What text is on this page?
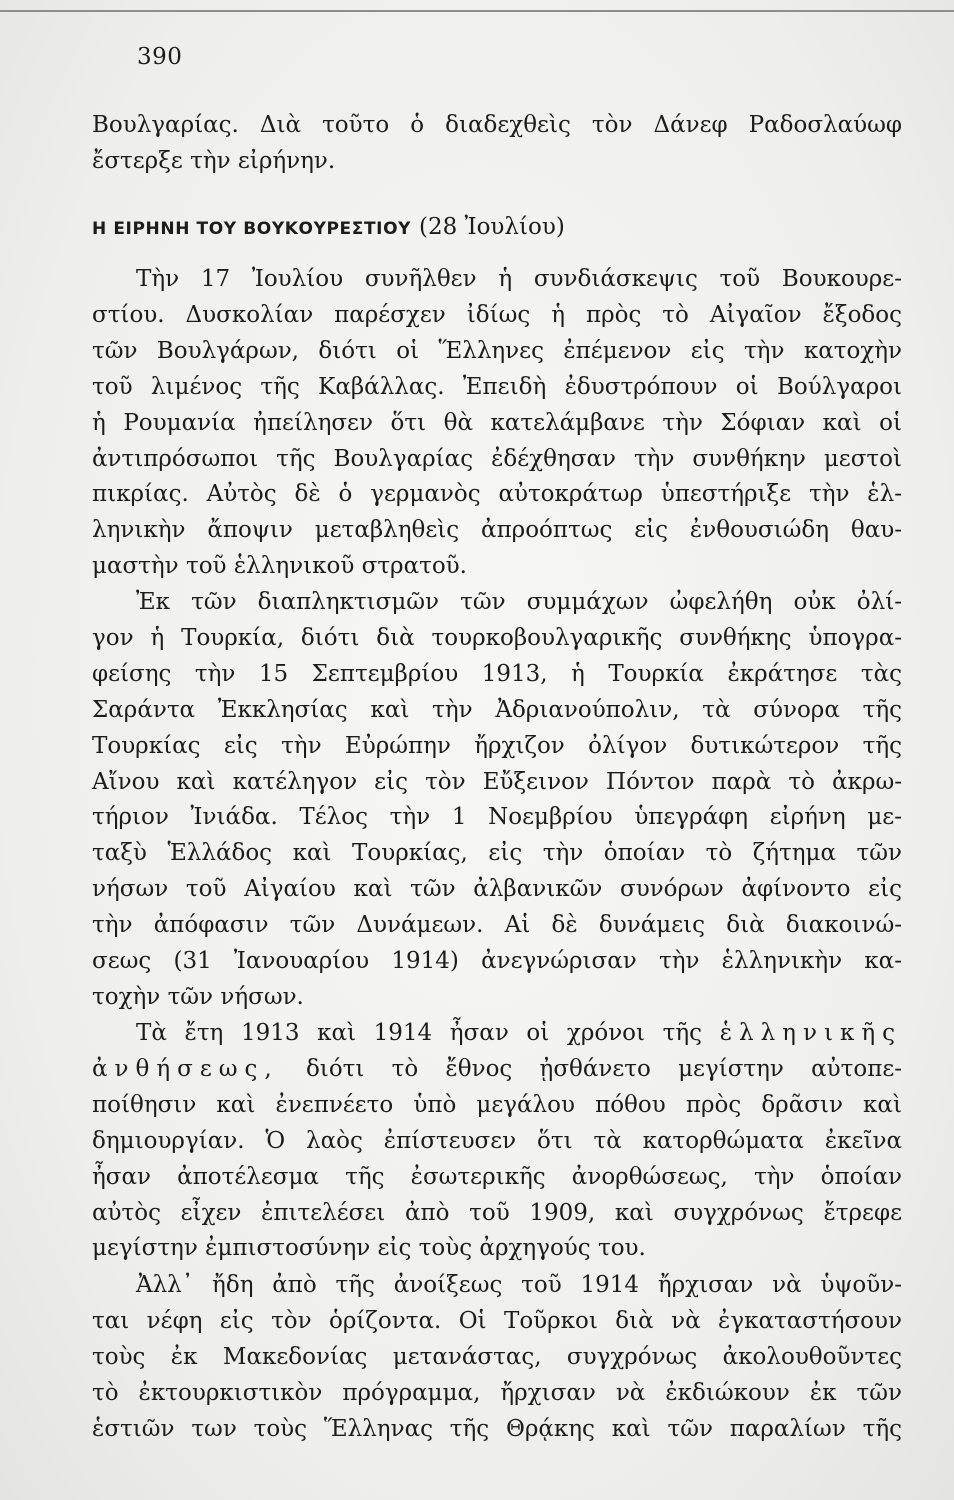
390
Βουλγαρίας. Διὰ τοῦτο ὁ διαδεχθεὶς τὸν Δάνεφ Ραδοσλαύωφ
ἔστερξε τὴν εἰρήνην.
Η ΕΙΡΗΝΗ ΤΟΥ ΒΟΥΚΟΥΡΕΣΤΙΟΥ (28 Ἰουλίου)
Τὴν 17 Ἰουλίου συνῆλθεν ἡ συνδιάσκεψις τοῦ Βουκουρε-
στίου. Δυσκολίαν παρέσχεν ἰδίως ἡ πρὸς τὸ Αἰγαῖον ἔξοδος
τῶν Βουλγάρων, διότι οἱ Ἕλληνες ἐπέμενον εἰς τὴν κατοχὴν
τοῦ λιμένος τῆς Καβάλλας. Ἐπειδὴ ἐδυστρόπουν οἱ Βούλγαροι
ἡ Ρουμανία ἠπείλησεν ὅτι θὰ κατελάμβανε τὴν Σόφιαν καὶ οἱ
ἀντιπρόσωποι τῆς Βουλγαρίας ἐδέχθησαν τὴν συνθήκην μεστοὶ
πικρίας. Αὐτὸς δὲ ὁ γερμανὸς αὐτοκράτωρ ὑπεστήριξε τὴν ἑλ-
ληνικὴν ἄποψιν μεταβληθεὶς ἀπροόπτως εἰς ἐνθουσιώδη θαυ-
μαστὴν τοῦ ἑλληνικοῦ στρατοῦ.
Ἐκ τῶν διαπληκτισμῶν τῶν συμμάχων ὠφελήθη οὐκ ὀλί-
γον ἡ Τουρκία, διότι διὰ τουρκοβουλγαρικῆς συνθήκης ὑπογρα-
φείσης τὴν 15 Σεπτεμβρίου 1913, ἡ Τουρκία ἐκράτησε τὰς
Σαράντα Ἐκκλησίας καὶ τὴν Ἀδριανούπολιν, τὰ σύνορα τῆς
Τουρκίας εἰς τὴν Εὐρώπην ἤρχιζον ὀλίγον δυτικώτερον τῆς
Αἴνου καὶ κατέληγον εἰς τὸν Εὔξεινον Πόντον παρὰ τὸ ἀκρω-
τήριον Ἰνιάδα. Τέλος τὴν 1 Νοεμβρίου ὑπεγράφη εἰρήνη με-
ταξὺ Ἑλλάδος καὶ Τουρκίας, εἰς τὴν ὁποίαν τὸ ζήτημα τῶν
νήσων τοῦ Αἰγαίου καὶ τῶν ἀλβανικῶν συνόρων ἀφίνοντο εἰς
τὴν ἀπόφασιν τῶν Δυνάμεων. Αἱ δὲ δυνάμεις διὰ διακοινώ-
σεως (31 Ἰανουαρίου 1914) ἀνεγνώρισαν τὴν ἑλληνικὴν κα-
τοχὴν τῶν νήσων.
Τὰ ἔτη 1913 καὶ 1914 ἦσαν οἱ χρόνοι τῆς ἑλληνικῆς
ἀνθήσεως, διότι τὸ ἔθνος ᾐσθάνετο μεγίστην αὐτοπε-
ποίθησιν καὶ ἐνεπνέετο ὑπὸ μεγάλου πόθου πρὸς δρᾶσιν καὶ
δημιουργίαν. Ὁ λαὸς ἐπίστευσεν ὅτι τὰ κατορθώματα ἐκεῖνα
ἦσαν ἀποτέλεσμα τῆς ἐσωτερικῆς ἀνορθώσεως, τὴν ὁποίαν
αὐτὸς εἶχεν ἐπιτελέσει ἀπὸ τοῦ 1909, καὶ συγχρόνως ἔτρεφε
μεγίστην ἐμπιστοσύνην εἰς τοὺς ἀρχηγούς του.
Ἀλλ᾽ ἤδη ἀπὸ τῆς ἀνοίξεως τοῦ 1914 ἤρχισαν νὰ ὑψοῦν-
ται νέφη εἰς τὸν ὁρίζοντα. Οἱ Τοῦρκοι διὰ νὰ ἐγκαταστήσουν
τοὺς ἐκ Μακεδονίας μετανάστας, συγχρόνως ἀκολουθοῦντες
τὸ ἐκτουρκιστικὸν πρόγραμμα, ἤρχισαν νὰ ἐκδιώκουν ἐκ τῶν
ἑστιῶν των τοὺς Ἕλληνας τῆς Θρᾴκης καὶ τῶν παραλίων τῆς
